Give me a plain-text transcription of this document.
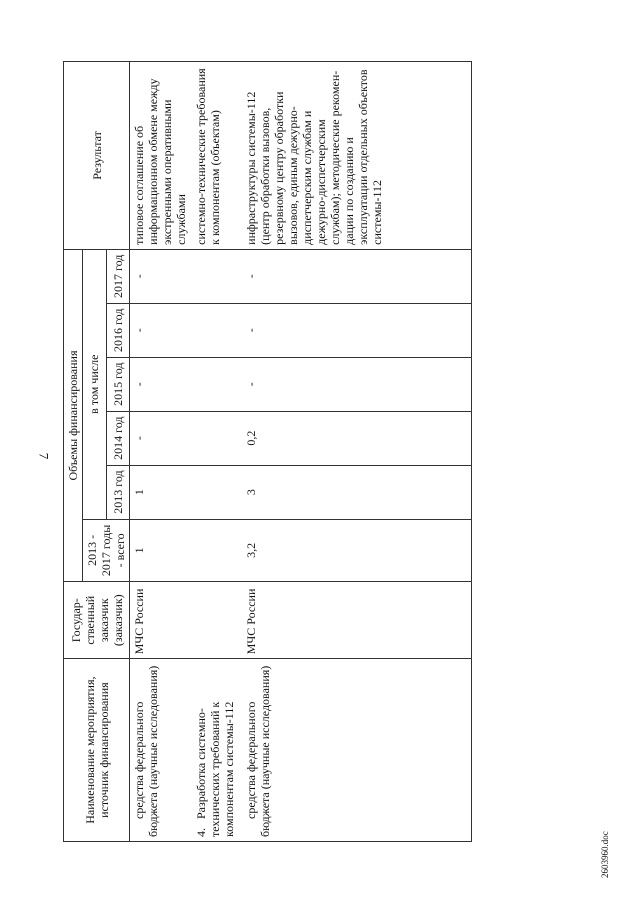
7
Наименование мероприятия, источник финансирования	Государ-ственный заказчик (заказчик)	Объемы финансирования						Результат
		2013 - 2017 годы - всего	в том числе					
			2013 год	2014 год	2015 год	2016 год	2017 год	
средства федерального бюджета (научные исследования)	МЧС России	1	1	-	-	-	-	типовое соглашение об информационном обмене между экстренными оперативными службами
4.Разработка системно-технических требований к компонентам системы-112								системно-технические требования к компонентам (объектам)
средства федерального бюджета (научные исследования)	МЧС России	3,2	3	0,2	-	-	-	инфраструктуры системы-112 (центр обработки вызовов, резервному центру обработки вызовов, единым дежурно-диспетчерским службам и дежурно-диспетчерским службам); методические рекомен-дации по созданию и эксплуатации отдельных объектов системы-112
2603960.doc
